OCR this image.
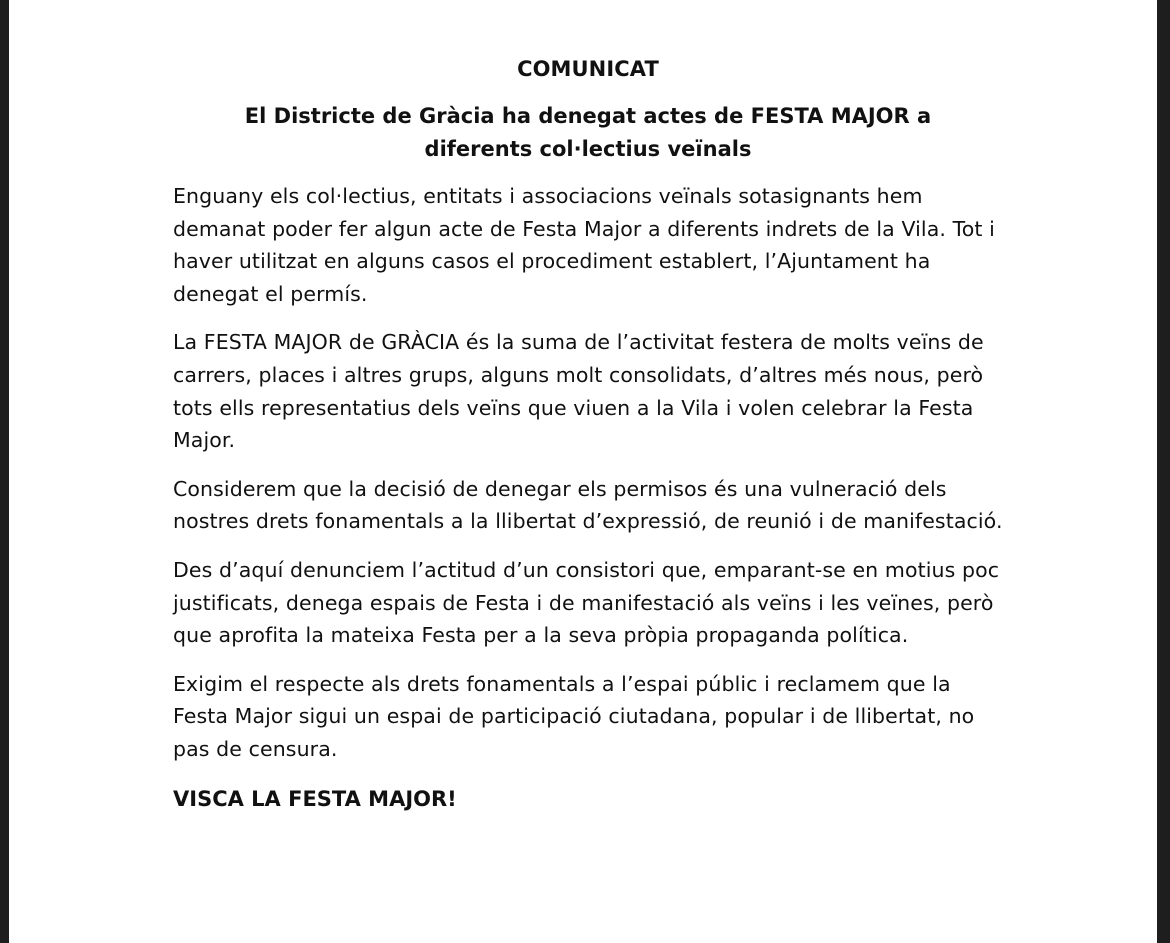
COMUNICAT

El Districte de Gràcia ha denegat actes de FESTA MAJOR a diferents col·lectius veïnals

Enguany els col·lectius, entitats i associacions veïnals sotasignants hem demanat poder fer algun acte de Festa Major a diferents indrets de la Vila. Tot i haver utilitzat en alguns casos el procediment establert, l’Ajuntament ha denegat el permís.

La FESTA MAJOR de GRÀCIA és la suma de l’activitat festera de molts veïns de carrers, places i altres grups, alguns molt consolidats, d’altres més nous, però tots ells representatius dels veïns que viuen a la Vila i volen celebrar la Festa Major.

Considerem que la decisió de denegar els permisos és una vulneració dels nostres drets fonamentals a la llibertat d’expressió, de reunió i de manifestació.

Des d’aquí denunciem l’actitud d’un consistori que, emparant-se en motius poc justificats, denega espais de Festa i de manifestació als veïns i les veïnes, però que aprofita la mateixa Festa per a la seva pròpia propaganda política.

Exigim el respecte als drets fonamentals a l’espai públic i reclamem que la Festa Major sigui un espai de participació ciutadana, popular i de llibertat, no pas de censura.

VISCA LA FESTA MAJOR!
